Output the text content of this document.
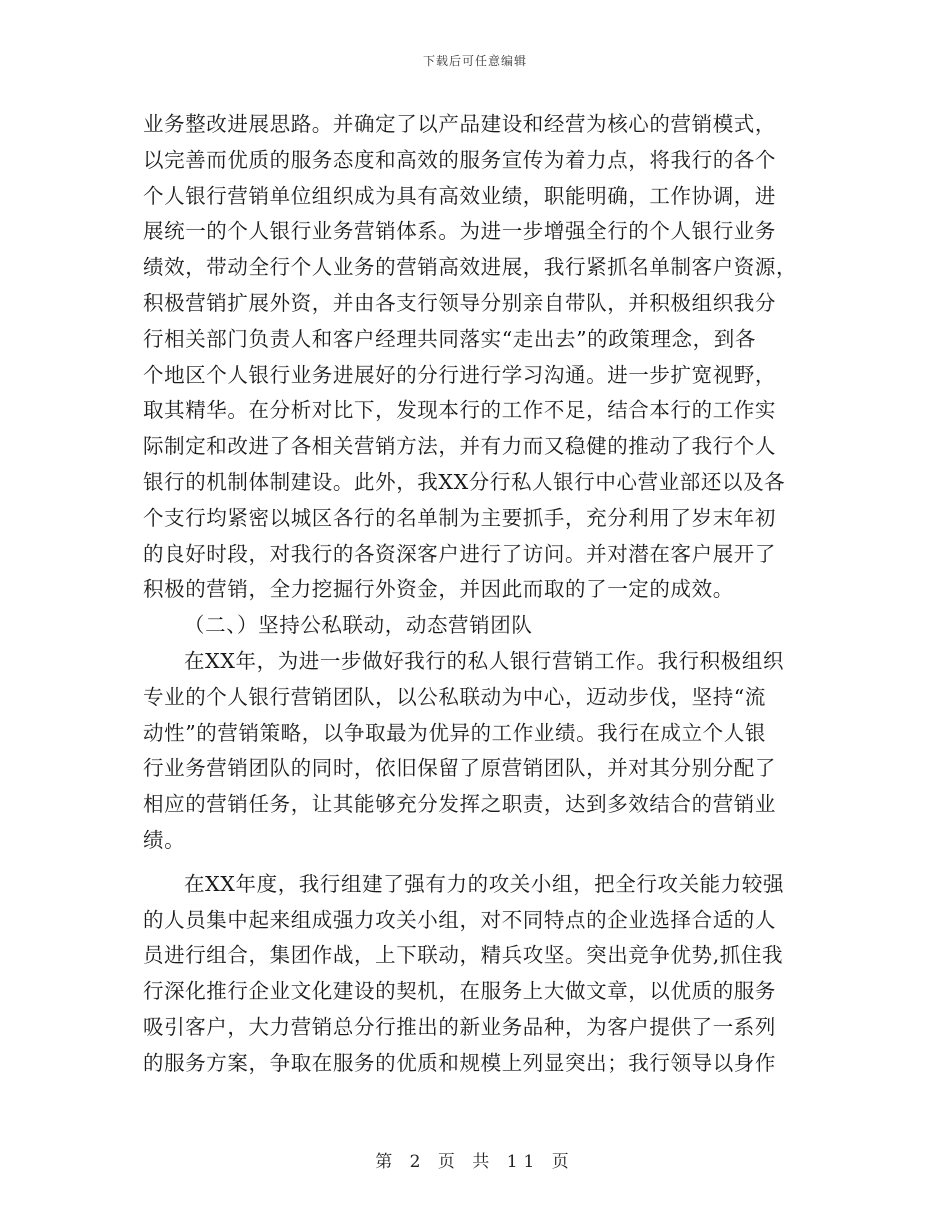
下载后可任意编辑
业务整改进展思路。并确定了以产品建设和经营为核心的营销模式，
以完善而优质的服务态度和高效的服务宣传为着力点，将我行的各个
个人银行营销单位组织成为具有高效业绩，职能明确，工作协调，进
展统一的个人银行业务营销体系。为进一步增强全行的个人银行业务
绩效，带动全行个人业务的营销高效进展，我行紧抓名单制客户资源，
积极营销扩展外资，并由各支行领导分别亲自带队，并积极组织我分
行相关部门负责人和客户经理共同落实“走出去”的政策理念，到各
个地区个人银行业务进展好的分行进行学习沟通。进一步扩宽视野，
取其精华。在分析对比下，发现本行的工作不足，结合本行的工作实
际制定和改进了各相关营销方法，并有力而又稳健的推动了我行个人
银行的机制体制建设。此外，我XX分行私人银行中心营业部还以及各
个支行均紧密以城区各行的名单制为主要抓手，充分利用了岁末年初
的良好时段，对我行的各资深客户进行了访问。并对潜在客户展开了
积极的营销，全力挖掘行外资金，并因此而取的了一定的成效。
（二、）坚持公私联动，动态营销团队
在XX年，为进一步做好我行的私人银行营销工作。我行积极组织
专业的个人银行营销团队，以公私联动为中心，迈动步伐，坚持“流
动性”的营销策略，以争取最为优异的工作业绩。我行在成立个人银
行业务营销团队的同时，依旧保留了原营销团队，并对其分别分配了
相应的营销任务，让其能够充分发挥之职责，达到多效结合的营销业
绩。
在XX年度，我行组建了强有力的攻关小组，把全行攻关能力较强
的人员集中起来组成强力攻关小组，对不同特点的企业选择合适的人
员进行组合，集团作战，上下联动，精兵攻坚。突出竞争优势,抓住我
行深化推行企业文化建设的契机，在服务上大做文章，以优质的服务
吸引客户，大力营销总分行推出的新业务品种，为客户提供了一系列
的服务方案，争取在服务的优质和规模上列显突出；我行领导以身作
第 2 页 共 11 页
